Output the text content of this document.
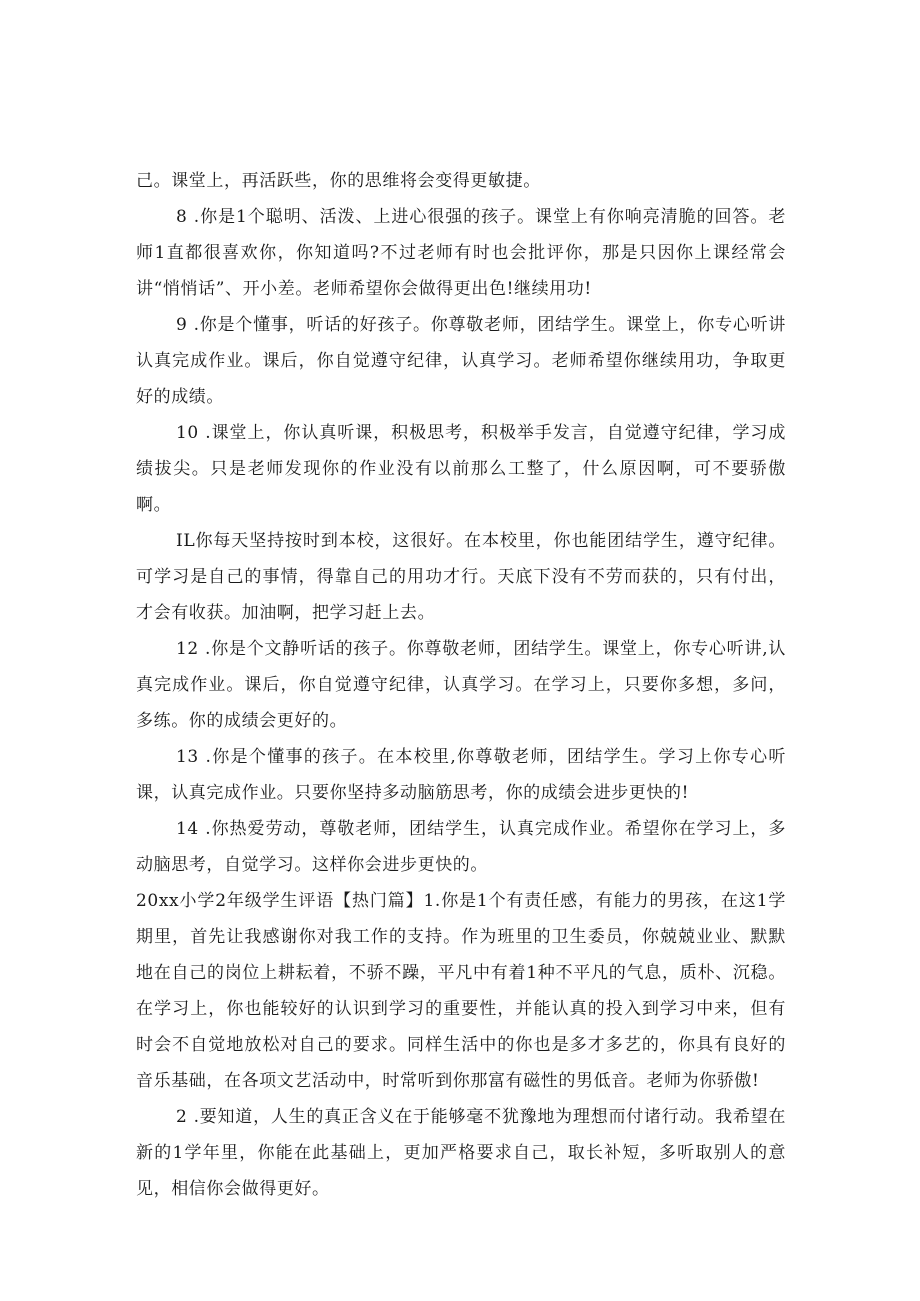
己。课堂上，再活跃些，你的思维将会变得更敏捷。

8 .你是1个聪明、活泼、上进心很强的孩子。课堂上有你响亮清脆的回答。老师1直都很喜欢你，你知道吗?不过老师有时也会批评你，那是只因你上课经常会讲“悄悄话”、开小差。老师希望你会做得更出色!继续用功!

9 .你是个懂事，听话的好孩子。你尊敬老师，团结学生。课堂上，你专心听讲认真完成作业。课后，你自觉遵守纪律，认真学习。老师希望你继续用功，争取更好的成绩。

10 .课堂上，你认真听课，积极思考，积极举手发言，自觉遵守纪律，学习成绩拔尖。只是老师发现你的作业没有以前那么工整了，什么原因啊，可不要骄傲啊。

IL你每天坚持按时到本校，这很好。在本校里，你也能团结学生，遵守纪律。可学习是自己的事情，得靠自己的用功才行。天底下没有不劳而获的，只有付出，才会有收获。加油啊，把学习赶上去。

12 .你是个文静听话的孩子。你尊敬老师，团结学生。课堂上，你专心听讲,认真完成作业。课后，你自觉遵守纪律，认真学习。在学习上，只要你多想，多问，多练。你的成绩会更好的。

13 .你是个懂事的孩子。在本校里,你尊敬老师，团结学生。学习上你专心听课，认真完成作业。只要你坚持多动脑筋思考，你的成绩会进步更快的!

14 .你热爱劳动，尊敬老师，团结学生，认真完成作业。希望你在学习上，多动脑思考，自觉学习。这样你会进步更快的。

20xx小学2年级学生评语【热门篇】1.你是1个有责任感，有能力的男孩，在这1学期里，首先让我感谢你对我工作的支持。作为班里的卫生委员，你兢兢业业、默默地在自己的岗位上耕耘着，不骄不躁，平凡中有着1种不平凡的气息，质朴、沉稳。在学习上，你也能较好的认识到学习的重要性，并能认真的投入到学习中来，但有时会不自觉地放松对自己的要求。同样生活中的你也是多才多艺的，你具有良好的音乐基础，在各项文艺活动中，时常听到你那富有磁性的男低音。老师为你骄傲!

2 .要知道，人生的真正含义在于能够毫不犹豫地为理想而付诸行动。我希望在新的1学年里，你能在此基础上，更加严格要求自己，取长补短，多听取别人的意见，相信你会做得更好。
